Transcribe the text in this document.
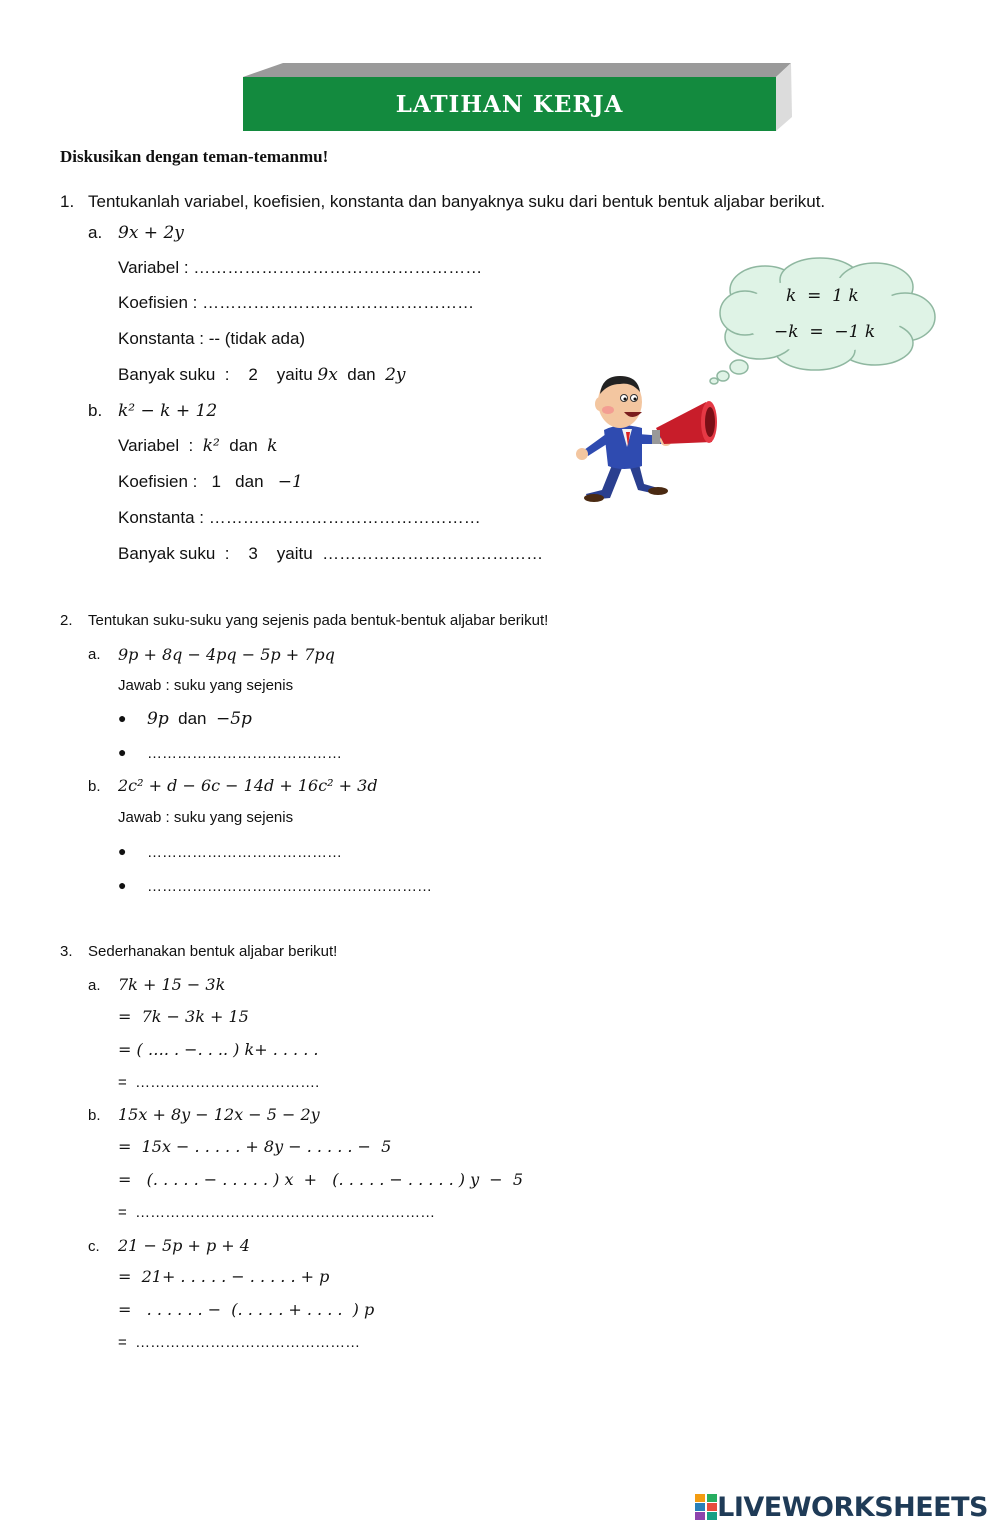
LATIHAN KERJA
Diskusikan dengan teman-temanmu!
1. Tentukanlah variabel, koefisien, konstanta dan banyaknya suku dari bentuk bentuk aljabar berikut.
a. 9x + 2y
Variabel : ……………………………………………
Koefisien : …………………………………………
Konstanta : -- (tidak ada)
Banyak suku  :    2    yaitu 9x  dan  2y
b. k² − k + 12
Variabel  :  k²  dan  k
Koefisien :   1   dan   −1
Konstanta : …………………………………………
Banyak suku  :    3    yaitu  …………………………………
k  =  1 k
−k  =  −1 k
2. Tentukan suku-suku yang sejenis pada bentuk-bentuk aljabar berikut!
a. 9p + 8q − 4pq − 5p + 7pq
Jawab : suku yang sejenis
● 9p  dan  −5p
● …………………………………
b. 2c² + d − 6c − 14d + 16c² + 3d
Jawab : suku yang sejenis
● …………………………………
● …………………………………………………
3. Sederhanakan bentuk aljabar berikut!
a. 7k + 15 − 3k
=  7k − 3k + 15
= ( …. . −. . .. ) k+ . . . . .
=  ……………………………….
b. 15x + 8y − 12x − 5 − 2y
=  15x − . . . . . + 8y − . . . . . −  5
=   (. . . . . − . . . . . ) x  +   (. . . . . − . . . . . ) y  −  5
=  ……………………………………………………
c. 21 − 5p + p + 4
=  21+ . . . . . − . . . . . + p
=   . . . . . . −  (. . . . . + . . . .  ) p
=  ………………………………………
LIVEWORKSHEETS
